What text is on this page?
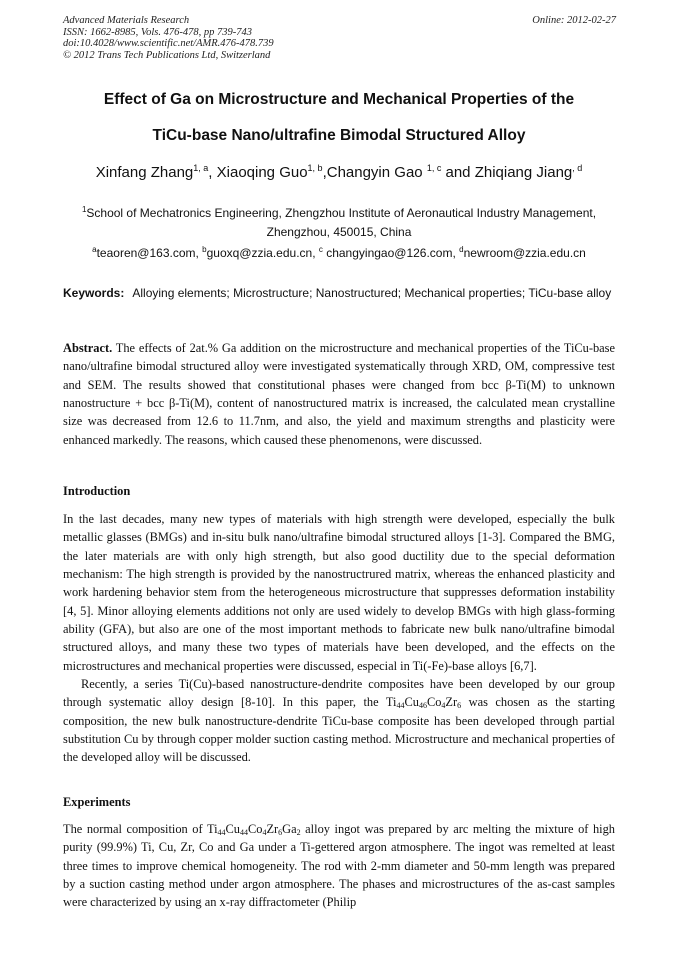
Advanced Materials Research
ISSN: 1662-8985, Vols. 476-478, pp 739-743
doi:10.4028/www.scientific.net/AMR.476-478.739
© 2012 Trans Tech Publications Ltd, Switzerland
Online: 2012-02-27
Effect of Ga on Microstructure and Mechanical Properties of the
TiCu-base Nano/ultrafine Bimodal Structured Alloy
Xinfang Zhang$^{1, a}$, Xiaoqing Guo$^{1, b}$,Changyin Gao $^{1, c}$ and Zhiqiang Jiang$^{, d}$
$^1$School of Mechatronics Engineering, Zhengzhou Institute of Aeronautical Industry Management, Zhengzhou, 450015, China
$^a$teaoren@163.com, $^b$guoxq@zzia.edu.cn, $^c$ changyingao@126.com, $^d$newroom@zzia.edu.cn
Keywords: Alloying elements; Microstructure; Nanostructured; Mechanical properties; TiCu-base alloy
Abstract. The effects of 2at.% Ga addition on the microstructure and mechanical properties of the TiCu-base nano/ultrafine bimodal structured alloy were investigated systematically through XRD, OM, compressive test and SEM. The results showed that constitutional phases were changed from bcc β-Ti(M) to unknown nanostructure + bcc β-Ti(M), content of nanostructured matrix is increased, the calculated mean crystalline size was decreased from 12.6 to 11.7nm, and also, the yield and maximum strengths and plasticity were enhanced markedly. The reasons, which caused these phenomenons, were discussed.
Introduction

In the last decades, many new types of materials with high strength were developed, especially the bulk metallic glasses (BMGs) and in-situ bulk nano/ultrafine bimodal structured alloys [1-3]. Compared the BMG, the later materials are with only high strength, but also good ductility due to the special deformation mechanism: The high strength is provided by the nanostructrured matrix, whereas the enhanced plasticity and work hardening behavior stem from the heterogeneous microstructure that suppresses deformation instability [4, 5]. Minor alloying elements additions not only are used widely to develop BMGs with high glass-forming ability (GFA), but also are one of the most important methods to fabricate new bulk nano/ultrafine bimodal structured alloys, and many these two types of materials have been developed, and the effects on the microstructures and mechanical properties were discussed, especial in Ti(-Fe)-base alloys [6,7].

Recently, a series Ti(Cu)-based nanostructure-dendrite composites have been developed by our group through systematic alloy design [8-10]. In this paper, the $Ti_{44}Cu_{46}Co_4Zr_6$ was chosen as the starting composition, the new bulk nanostructure-dendrite TiCu-base composite has been developed through partial substitution Cu by through copper molder suction casting method. Microstructure and mechanical properties of the developed alloy will be discussed.

Experiments

The normal composition of $Ti_{44}Cu_{44}Co_4Zr_6Ga_2$ alloy ingot was prepared by arc melting the mixture of high purity (99.9%) Ti, Cu, Zr, Co and Ga under a Ti-gettered argon atmosphere. The ingot was remelted at least three times to improve chemical homogeneity. The rod with 2-mm diameter and 50-mm length was prepared by a suction casting method under argon atmosphere. The phases and microstructures of the as-cast samples were characterized by using an x-ray diffractometer (Philip
